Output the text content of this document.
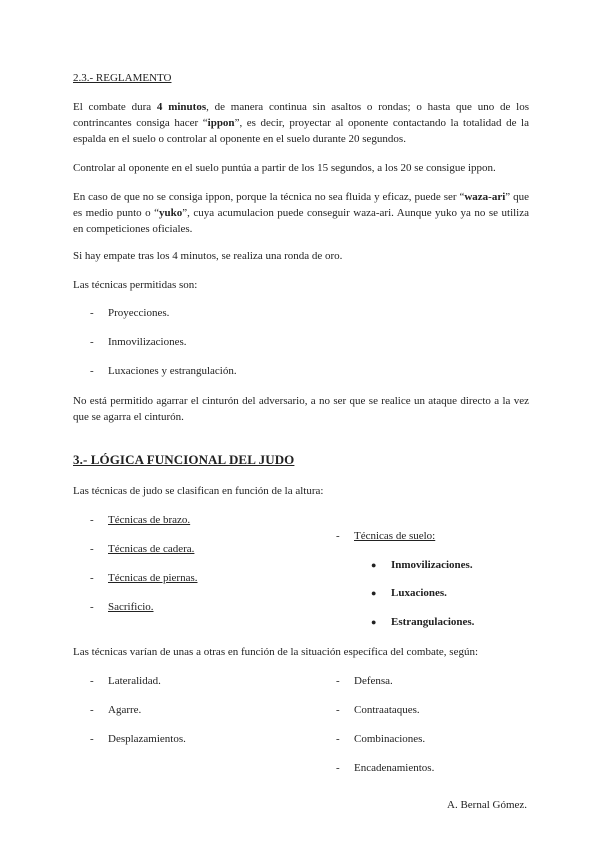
2.3.- REGLAMENTO

El combate dura 4 minutos, de manera continua sin asaltos o rondas; o hasta que uno de los contrincantes consiga hacer “ippon”, es decir, proyectar al oponente contactando la totalidad de la espalda en el suelo o controlar al oponente en el suelo durante 20 segundos.

Controlar al oponente en el suelo puntúa a partir de los 15 segundos, a los 20 se consigue ippon.

En caso de que no se consiga ippon, porque la técnica no sea fluida y eficaz, puede ser “waza-ari” que es medio punto o “yuko”, cuya acumulacion puede conseguir waza-ari. Aunque yuko ya no se utiliza en competiciones oficiales.

Si hay empate tras los 4 minutos, se realiza una ronda de oro.

Las técnicas permitidas son:

- Proyecciones.
- Inmovilizaciones.
- Luxaciones y estrangulación.

No está permitido agarrar el cinturón del adversario, a no ser que se realice un ataque directo a la vez que se agarra el cinturón.

3.- LÓGICA FUNCIONAL DEL JUDO

Las técnicas de judo se clasifican en función de la altura:

- Técnicas de brazo.
- Técnicas de cadera.
- Técnicas de piernas.
- Sacrificio.
- Técnicas de suelo:
● Inmovilizaciones.
● Luxaciones.
● Estrangulaciones.

Las técnicas varían de unas a otras en función de la situación específica del combate, según:

- Lateralidad.
- Agarre.
- Desplazamientos.
- Defensa.
- Contraataques.
- Combinaciones.
- Encadenamientos.
A. Bernal Gómez.
